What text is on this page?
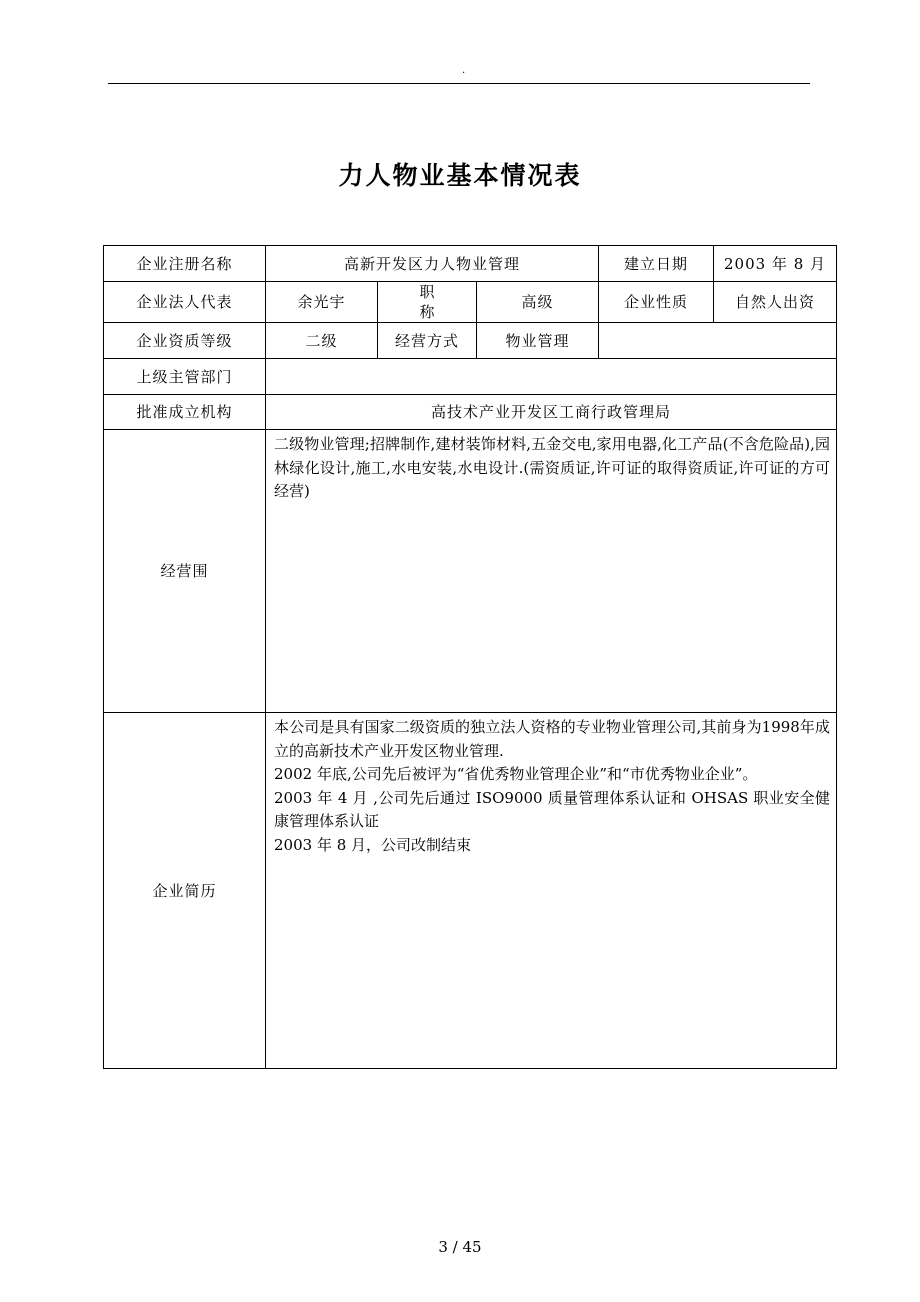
.
力人物业基本情况表
企业注册名称	高新开发区力人物业管理			建立日期	2003 年 8 月
企业法人代表	余光宇	职称	高级	企业性质	自然人出资
企业资质等级	二级	经营方式	物业管理		
上级主管部门					
批准成立机构	高技术产业开发区工商行政管理局				
经营围	二级物业管理;招牌制作,建材装饰材料,五金交电,家用电器,化工产品(不含危险品),园林绿化设计,施工,水电安装,水电设计.(需资质证,许可证的取得资质证,许可证的方可经营)				
企业简历	本公司是具有国家二级资质的独立法人资格的专业物业管理公司,其前身为1998年成立的高新技术产业开发区物业管理.

2002 年底,公司先后被评为“省优秀物业管理企业”和“市优秀物业企业”。

2003 年 4 月 ,公司先后通过 ISO9000 质量管理体系认证和 OHSAS 职业安全健康管理体系认证

2003 年 8 月，公司改制结束				

3 / 45
